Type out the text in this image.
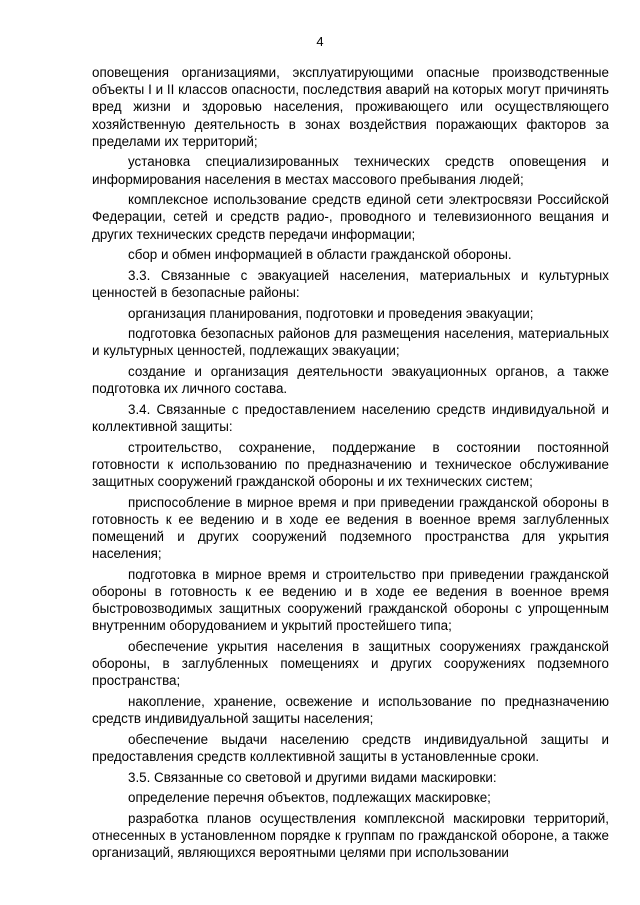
4

оповещения организациями, эксплуатирующими опасные производственные объекты I и II классов опасности, последствия аварий на которых могут причинять вред жизни и здоровью населения, проживающего или осуществляющего хозяйственную деятельность в зонах воздействия поражающих факторов за пределами их территорий;

установка специализированных технических средств оповещения и информирования населения в местах массового пребывания людей;

комплексное использование средств единой сети электросвязи Российской Федерации, сетей и средств радио-, проводного и телевизионного вещания и других технических средств передачи информации;

сбор и обмен информацией в области гражданской обороны.

3.3. Связанные с эвакуацией населения, материальных и культурных ценностей в безопасные районы:

организация планирования, подготовки и проведения эвакуации;

подготовка безопасных районов для размещения населения, материальных и культурных ценностей, подлежащих эвакуации;

создание и организация деятельности эвакуационных органов, а также подготовка их личного состава.

3.4. Связанные с предоставлением населению средств индивидуальной и коллективной защиты:

строительство, сохранение, поддержание в состоянии постоянной готовности к использованию по предназначению и техническое обслуживание защитных сооружений гражданской обороны и их технических систем;

приспособление в мирное время и при приведении гражданской обороны в готовность к ее ведению и в ходе ее ведения в военное время заглубленных помещений и других сооружений подземного пространства для укрытия населения;

подготовка в мирное время и строительство при приведении гражданской обороны в готовность к ее ведению и в ходе ее ведения в военное время быстровозводимых защитных сооружений гражданской обороны с упрощенным внутренним оборудованием и укрытий простейшего типа;

обеспечение укрытия населения в защитных сооружениях гражданской обороны, в заглубленных помещениях и других сооружениях подземного пространства;

накопление, хранение, освежение и использование по предназначению средств индивидуальной защиты населения;

обеспечение выдачи населению средств индивидуальной защиты и предоставления средств коллективной защиты в установленные сроки.

3.5. Связанные со световой и другими видами маскировки:

определение перечня объектов, подлежащих маскировке;

разработка планов осуществления комплексной маскировки территорий, отнесенных в установленном порядке к группам по гражданской обороне, а также организаций, являющихся вероятными целями при использовании
